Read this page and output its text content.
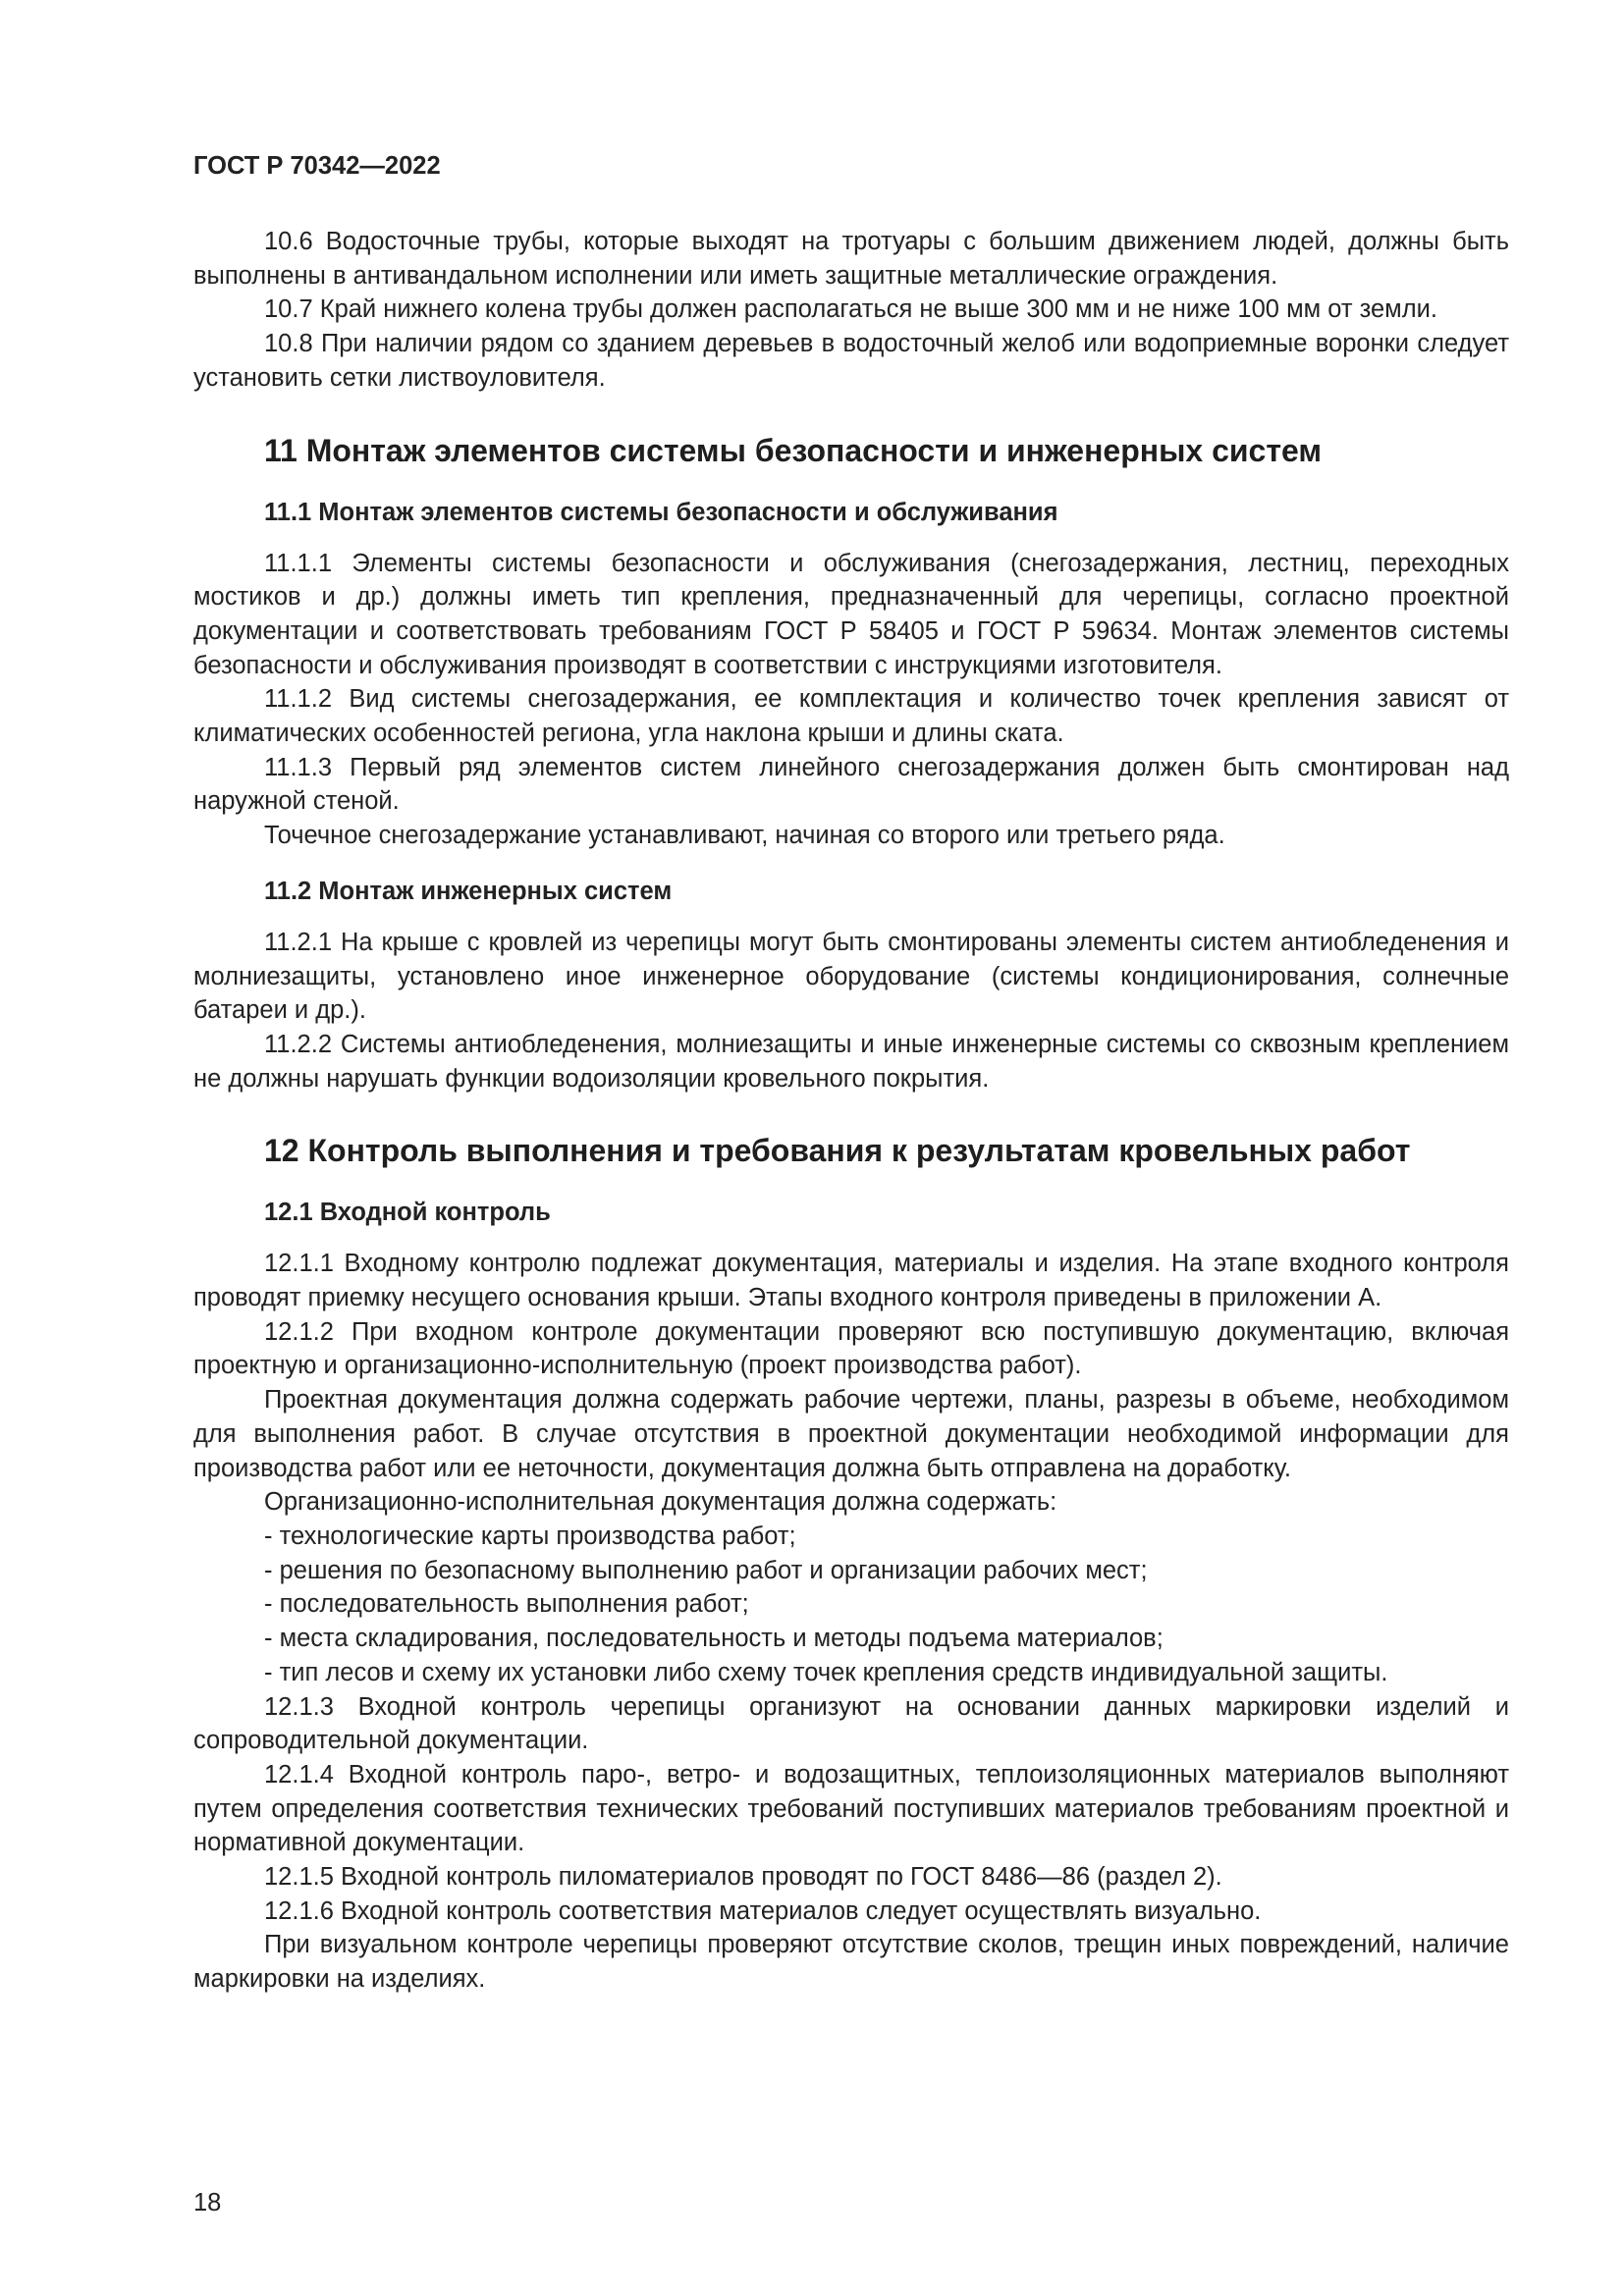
ГОСТ Р 70342—2022

10.6 Водосточные трубы, которые выходят на тротуары с большим движением людей, должны быть выполнены в антивандальном исполнении или иметь защитные металлические ограждения.

10.7 Край нижнего колена трубы должен располагаться не выше 300 мм и не ниже 100 мм от земли.

10.8 При наличии рядом со зданием деревьев в водосточный желоб или водоприемные воронки следует установить сетки листвоуловителя.

11 Монтаж элементов системы безопасности и инженерных систем
11.1 Монтаж элементов системы безопасности и обслуживания

11.1.1 Элементы системы безопасности и обслуживания (снегозадержания, лестниц, переходных мостиков и др.) должны иметь тип крепления, предназначенный для черепицы, согласно проектной документации и соответствовать требованиям ГОСТ Р 58405 и ГОСТ Р 59634. Монтаж элементов системы безопасности и обслуживания производят в соответствии с инструкциями изготовителя.

11.1.2 Вид системы снегозадержания, ее комплектация и количество точек крепления зависят от климатических особенностей региона, угла наклона крыши и длины ската.

11.1.3 Первый ряд элементов систем линейного снегозадержания должен быть смонтирован над наружной стеной.

Точечное снегозадержание устанавливают, начиная со второго или третьего ряда.

11.2 Монтаж инженерных систем

11.2.1 На крыше с кровлей из черепицы могут быть смонтированы элементы систем антиобледенения и молниезащиты, установлено иное инженерное оборудование (системы кондиционирования, солнечные батареи и др.).

11.2.2 Системы антиобледенения, молниезащиты и иные инженерные системы со сквозным креплением не должны нарушать функции водоизоляции кровельного покрытия.

12 Контроль выполнения и требования к результатам кровельных работ
12.1 Входной контроль

12.1.1 Входному контролю подлежат документация, материалы и изделия. На этапе входного контроля проводят приемку несущего основания крыши. Этапы входного контроля приведены в приложении А.

12.1.2 При входном контроле документации проверяют всю поступившую документацию, включая проектную и организационно-исполнительную (проект производства работ).

Проектная документация должна содержать рабочие чертежи, планы, разрезы в объеме, необходимом для выполнения работ. В случае отсутствия в проектной документации необходимой информации для производства работ или ее неточности, документация должна быть отправлена на доработку.

Организационно-исполнительная документация должна содержать:

- технологические карты производства работ;

- решения по безопасному выполнению работ и организации рабочих мест;

- последовательность выполнения работ;

- места складирования, последовательность и методы подъема материалов;

- тип лесов и схему их установки либо схему точек крепления средств индивидуальной защиты.

12.1.3 Входной контроль черепицы организуют на основании данных маркировки изделий и сопроводительной документации.

12.1.4 Входной контроль паро-, ветро- и водозащитных, теплоизоляционных материалов выполняют путем определения соответствия технических требований поступивших материалов требованиям проектной и нормативной документации.

12.1.5 Входной контроль пиломатериалов проводят по ГОСТ 8486—86 (раздел 2).

12.1.6 Входной контроль соответствия материалов следует осуществлять визуально.

При визуальном контроле черепицы проверяют отсутствие сколов, трещин иных повреждений, наличие маркировки на изделиях.

18
